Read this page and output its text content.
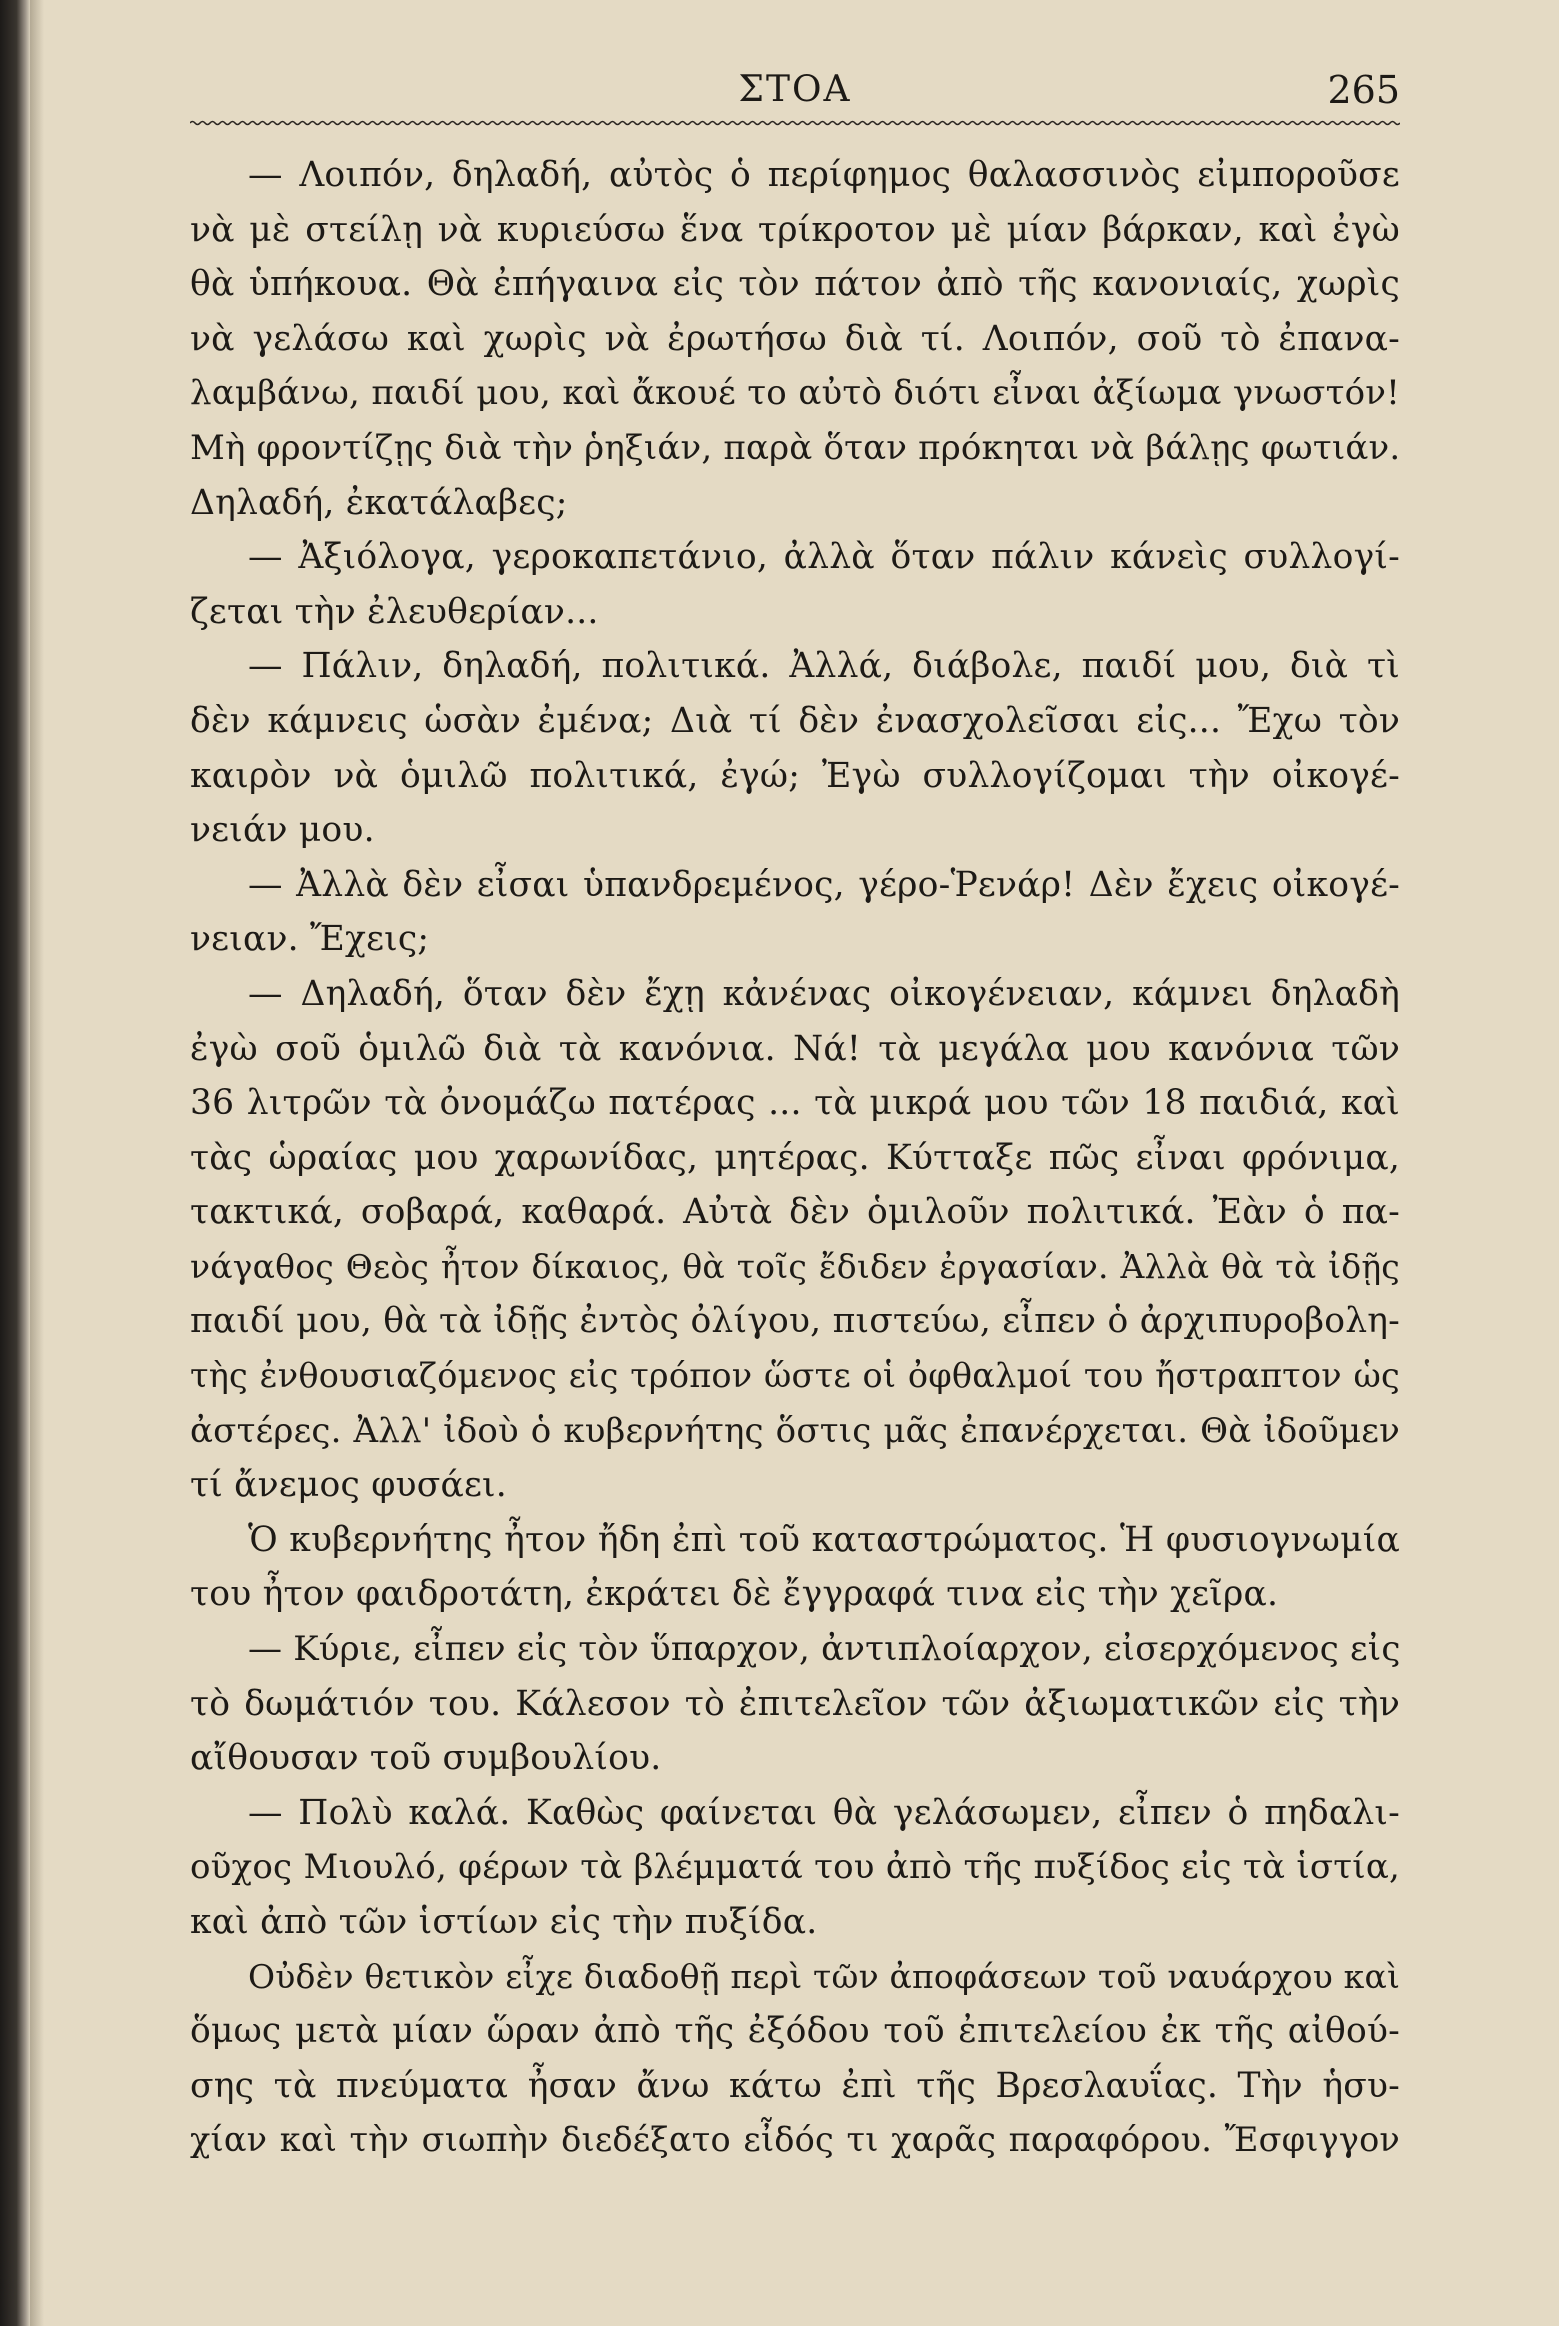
ΣΤΟΑ	265
— Λοιπόν, δηλαδή, αὐτὸς ὁ περίφημος θαλασσινὸς εἰμποροῦσε
νὰ μὲ στείλῃ νὰ κυριεύσω ἕνα τρίκροτον μὲ μίαν βάρκαν, καὶ ἐγὼ
θὰ ὑπήκουα. Θὰ ἐπήγαινα εἰς τὸν πάτον ἀπὸ τῆς κανονιαίς, χωρὶς
νὰ γελάσω καὶ χωρὶς νὰ ἐρωτήσω διὰ τί. Λοιπόν, σοῦ τὸ ἐπανα-
λαμβάνω, παιδί μου, καὶ ἄκουέ το αὐτὸ διότι εἶναι ἀξίωμα γνωστόν!
Μὴ φροντίζῃς διὰ τὴν ῥηξιάν, παρὰ ὅταν πρόκηται νὰ βάλῃς φωτιάν.
Δηλαδή, ἐκατάλαβες;
— Ἀξιόλογα, γεροκαπετάνιο, ἀλλὰ ὅταν πάλιν κάνεὶς συλλογί-
ζεται τὴν ἐλευθερίαν...
— Πάλιν, δηλαδή, πολιτικά. Ἀλλά, διάβολε, παιδί μου, διὰ τὶ
δὲν κάμνεις ὡσὰν ἐμένα; Διὰ τί δὲν ἐνασχολεῖσαι εἰς... Ἔχω τὸν
καιρὸν νὰ ὁμιλῶ πολιτικά, ἐγώ; Ἐγὼ συλλογίζομαι τὴν οἰκογέ-
νειάν μου.
— Ἀλλὰ δὲν εἶσαι ὑπανδρεμένος, γέρο-Ῥενάρ! Δὲν ἔχεις οἰκογέ-
νειαν. Ἔχεις;
— Δηλαδή, ὅταν δὲν ἔχῃ κἀνένας οἰκογένειαν, κάμνει δηλαδὴ
ἐγὼ σοῦ ὁμιλῶ διὰ τὰ κανόνια. Νά! τὰ μεγάλα μου κανόνια τῶν
36 λιτρῶν τὰ ὀνομάζω πατέρας ... τὰ μικρά μου τῶν 18 παιδιά, καὶ
τὰς ὡραίας μου χαρωνίδας, μητέρας. Κύτταξε πῶς εἶναι φρόνιμα,
τακτικά, σοβαρά, καθαρά. Αὐτὰ δὲν ὁμιλοῦν πολιτικά. Ἐὰν ὁ πα-
νάγαθος Θεὸς ἦτον δίκαιος, θὰ τοῖς ἔδιδεν ἐργασίαν. Ἀλλὰ θὰ τὰ ἰδῇς
παιδί μου, θὰ τὰ ἰδῇς ἐντὸς ὀλίγου, πιστεύω, εἶπεν ὁ ἀρχιπυροβολη-
τὴς ἐνθουσιαζόμενος εἰς τρόπον ὥστε οἱ ὀφθαλμοί του ἤστραπτον ὡς
ἀστέρες. Ἀλλ' ἰδοὺ ὁ κυβερνήτης ὅστις μᾶς ἐπανέρχεται. Θὰ ἰδοῦμεν
τί ἄνεμος φυσάει.
Ὁ κυβερνήτης ἦτον ἤδη ἐπὶ τοῦ καταστρώματος. Ἡ φυσιογνωμία
του ἦτον φαιδροτάτη, ἐκράτει δὲ ἔγγραφά τινα εἰς τὴν χεῖρα.
— Κύριε, εἶπεν εἰς τὸν ὕπαρχον, ἀντιπλοίαρχον, εἰσερχόμενος εἰς
τὸ δωμάτιόν του. Κάλεσον τὸ ἐπιτελεῖον τῶν ἀξιωματικῶν εἰς τὴν
αἴθουσαν τοῦ συμβουλίου.
— Πολὺ καλά. Καθὼς φαίνεται θὰ γελάσωμεν, εἶπεν ὁ πηδαλι-
οῦχος Μιουλό, φέρων τὰ βλέμματά του ἀπὸ τῆς πυξίδος εἰς τὰ ἱστία,
καὶ ἀπὸ τῶν ἱστίων εἰς τὴν πυξίδα.
Οὐδὲν θετικὸν εἶχε διαδοθῇ περὶ τῶν ἀποφάσεων τοῦ ναυάρχου καὶ
ὅμως μετὰ μίαν ὥραν ἀπὸ τῆς ἐξόδου τοῦ ἐπιτελείου ἐκ τῆς αἰθού-
σης τὰ πνεύματα ἦσαν ἄνω κάτω ἐπὶ τῆς Βρεσλαυΐας. Τὴν ἡσυ-
χίαν καὶ τὴν σιωπὴν διεδέξατο εἶδός τι χαρᾶς παραφόρου. Ἔσφιγγον
